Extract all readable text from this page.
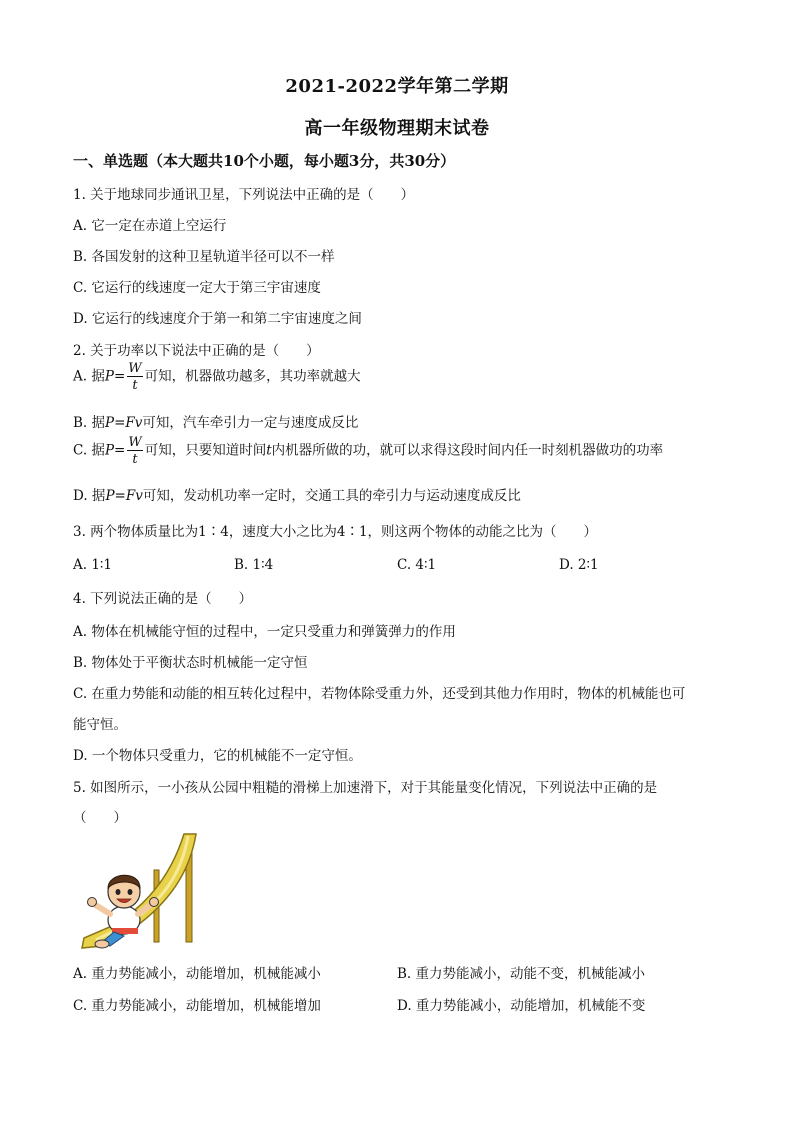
2021-2022学年第二学期
高一年级物理期末试卷
一、单选题（本大题共10个小题，每小题3分，共30分）
1. 关于地球同步通讯卫星，下列说法中正确的是（　　）
A. 它一定在赤道上空运行
B. 各国发射的这种卫星轨道半径可以不一样
C. 它运行的线速度一定大于第三宇宙速度
D. 它运行的线速度介于第一和第二宇宙速度之间
2. 关于功率以下说法中正确的是（　　）
A. 据$P= \frac{W}{t}$ 可知，机器做功越多，其功率就越大
B. 据P=Fv可知，汽车牵引力一定与速度成反比
C. 据$P= \frac{W}{t}$ 可知，只要知道时间t内机器所做的功，就可以求得这段时间内任一时刻机器做功的功率
D. 据P=Fv可知，发动机功率一定时，交通工具的牵引力与运动速度成反比
3. 两个物体质量比为1∶4，速度大小之比为4∶1，则这两个物体的动能之比为（　　）
A. 1∶1	B. 1∶4	C. 4∶1	D. 2∶1
4. 下列说法正确的是（　　）
A. 物体在机械能守恒的过程中，一定只受重力和弹簧弹力的作用
B. 物体处于平衡状态时机械能一定守恒
C. 在重力势能和动能的相互转化过程中，若物体除受重力外，还受到其他力作用时，物体的机械能也可
能守恒。
D. 一个物体只受重力，它的机械能不一定守恒。
5. 如图所示，一小孩从公园中粗糙的滑梯上加速滑下，对于其能量变化情况，下列说法中正确的是
（　　）
A. 重力势能减小，动能增加，机械能减小	B. 重力势能减小，动能不变，机械能减小
C. 重力势能减小，动能增加，机械能增加	D. 重力势能减小，动能增加，机械能不变
